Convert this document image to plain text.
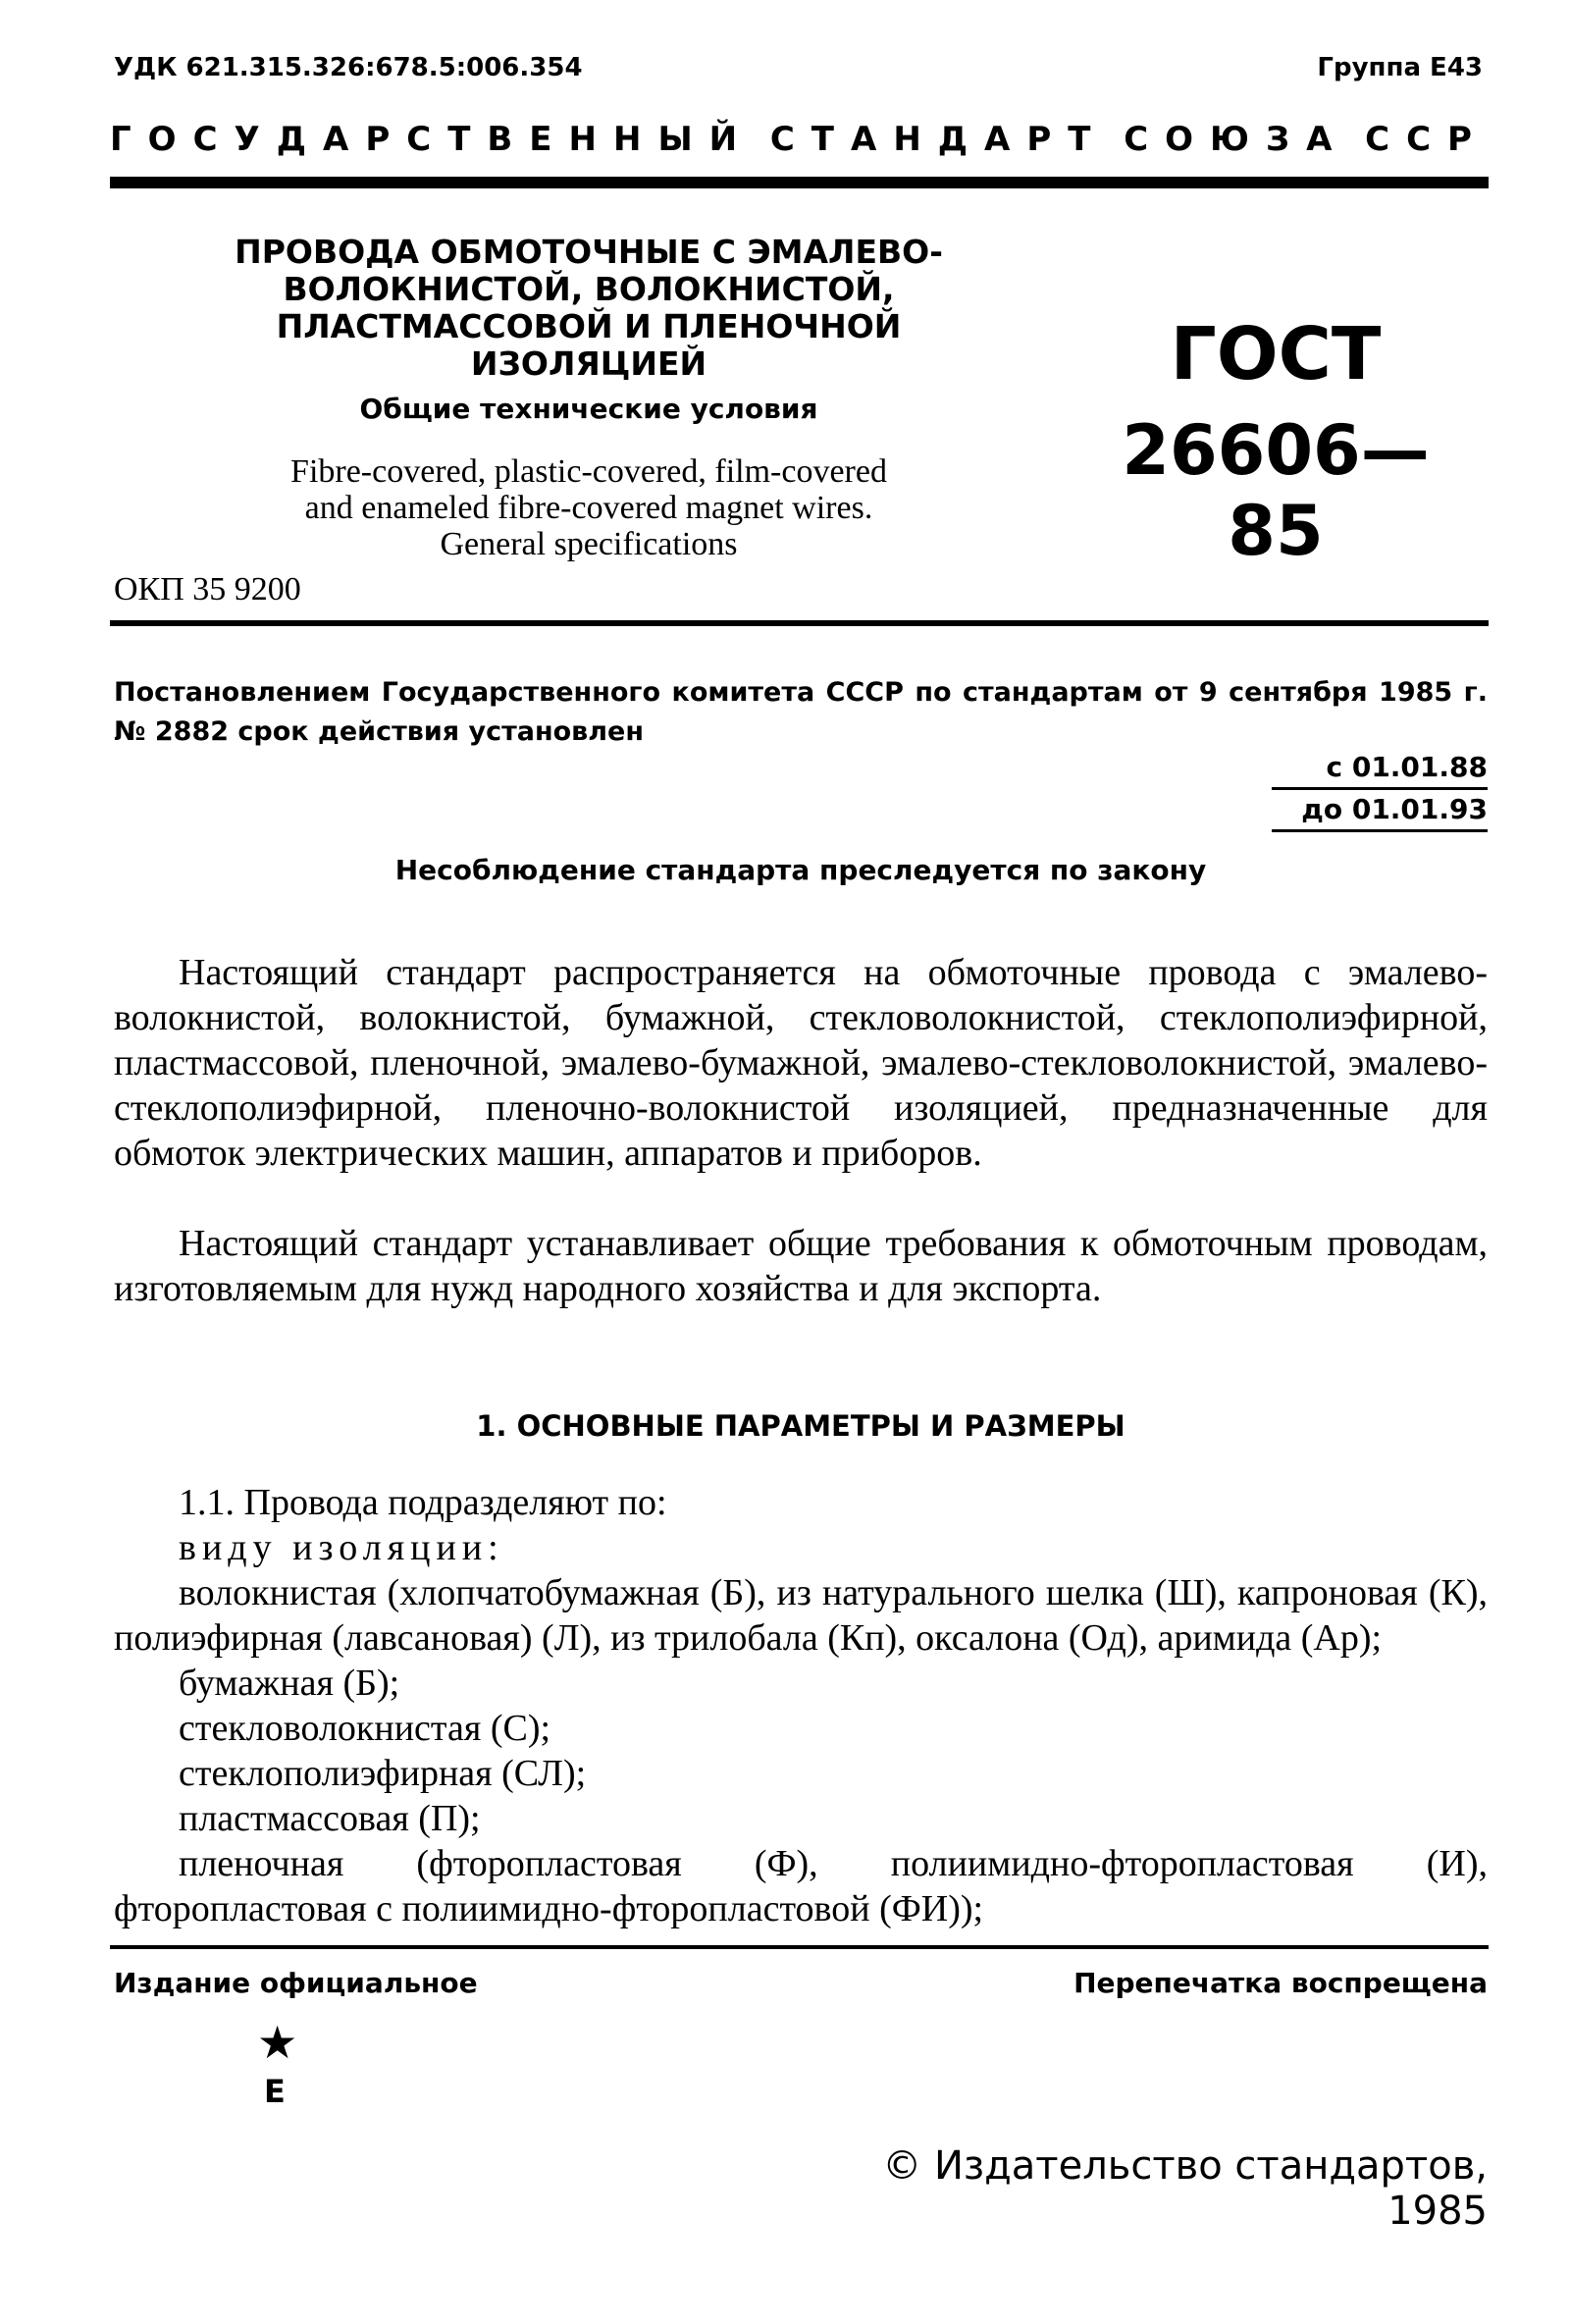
УДК 621.315.326:678.5:006.354	Группа Е43
ГОСУДАРСТВЕННЫЙ СТАНДАРТ СОЮЗА ССР
ПРОВОДА ОБМОТОЧНЫЕ С ЭМАЛЕВО-
ВОЛОКНИСТОЙ, ВОЛОКНИСТОЙ,
ПЛАСТМАССОВОЙ И ПЛЕНОЧНОЙ
ИЗОЛЯЦИЕЙ
Общие технические условия
Fibre-covered, plastic-covered, film-covered
and enameled fibre-covered magnet wires.
General specifications
ГОСТ
26606—85
ОКП 35 9200
Постановлением Государственного комитета СССР по стандартам от 9 сентября 1985 г. № 2882 срок действия установлен
с 01.01.88
до 01.01.93
Несоблюдение стандарта преследуется по закону

Настоящий стандарт распространяется на обмоточные провода с эмалево-волокнистой, волокнистой, бумажной, стекловолокнистой, стеклополиэфирной, пластмассовой, пленочной, эмалево-бумажной, эмалево-стекловолокнистой, эмалево-стеклополиэфирной, пленочно-волокнистой изоляцией, предназначенные для обмоток электрических машин, аппаратов и приборов.

Настоящий стандарт устанавливает общие требования к обмоточным проводам, изготовляемым для нужд народного хозяйства и для экспорта.

1. ОСНОВНЫЕ ПАРАМЕТРЫ И РАЗМЕРЫ

1.1. Провода подразделяют по:

виду изоляции:

волокнистая (хлопчатобумажная (Б), из натурального шелка (Ш), капроновая (К), полиэфирная (лавсановая) (Л), из трилобала (Кп), оксалона (Од), аримида (Ар);

бумажная (Б);

стекловолокнистая (С);

стеклополиэфирная (СЛ);

пластмассовая (П);

пленочная (фторопластовая (Ф), полиимидно-фторопластовая (И), фторопластовая с полиимидно-фторопластовой (ФИ));

Издание официальное	Перепечатка воспрещена
★
Е
© Издательство стандартов, 1985
